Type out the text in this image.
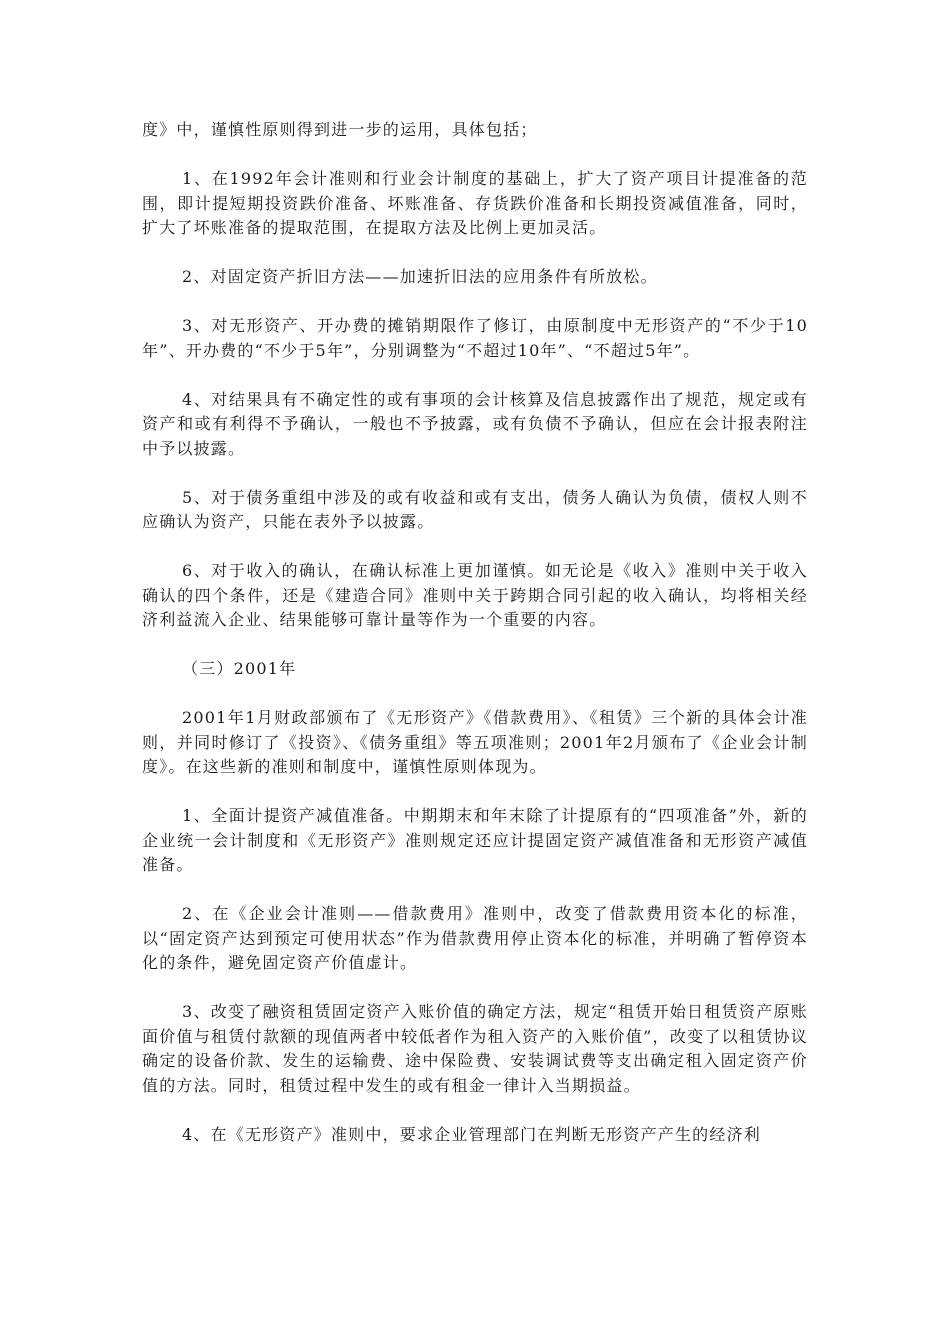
度》中，谨慎性原则得到进一步的运用，具体包括；

1、在1992年会计准则和行业会计制度的基础上，扩大了资产项目计提准备的范围，即计提短期投资跌价准备、坏账准备、存货跌价准备和长期投资减值准备，同时，扩大了坏账准备的提取范围，在提取方法及比例上更加灵活。

2、对固定资产折旧方法——加速折旧法的应用条件有所放松。

3、对无形资产、开办费的摊销期限作了修订，由原制度中无形资产的“不少于10年”、开办费的“不少于5年”，分别调整为“不超过10年”、“不超过5年”。

4、对结果具有不确定性的或有事项的会计核算及信息披露作出了规范，规定或有资产和或有利得不予确认，一般也不予披露，或有负债不予确认，但应在会计报表附注中予以披露。

5、对于债务重组中涉及的或有收益和或有支出，债务人确认为负债，债权人则不应确认为资产，只能在表外予以披露。

6、对于收入的确认，在确认标准上更加谨慎。如无论是《收入》准则中关于收入确认的四个条件，还是《建造合同》准则中关于跨期合同引起的收入确认，均将相关经济利益流入企业、结果能够可靠计量等作为一个重要的内容。

（三）2001年

2001年1月财政部颁布了《无形资产》《借款费用》、《租赁》三个新的具体会计准则，并同时修订了《投资》、《债务重组》等五项准则；2001年2月颁布了《企业会计制度》。在这些新的准则和制度中，谨慎性原则体现为。

1、全面计提资产减值准备。中期期末和年末除了计提原有的“四项准备”外，新的企业统一会计制度和《无形资产》准则规定还应计提固定资产减值准备和无形资产减值准备。

2、在《企业会计准则——借款费用》准则中，改变了借款费用资本化的标准，以“固定资产达到预定可使用状态”作为借款费用停止资本化的标准，并明确了暂停资本化的条件，避免固定资产价值虚计。

3、改变了融资租赁固定资产入账价值的确定方法，规定“租赁开始日租赁资产原账面价值与租赁付款额的现值两者中较低者作为租入资产的入账价值”，改变了以租赁协议确定的设备价款、发生的运输费、途中保险费、安装调试费等支出确定租入固定资产价值的方法。同时，租赁过程中发生的或有租金一律计入当期损益。

4、在《无形资产》准则中，要求企业管理部门在判断无形资产产生的经济利
